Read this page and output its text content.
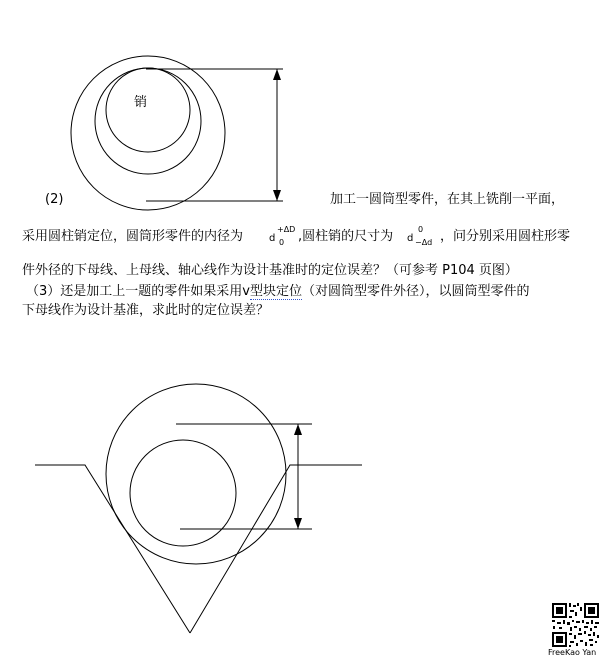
销
(2)	加工一圆筒型零件，在其上铣削一平面，
采用圆柱销定位，圆筒形零件的内径为	d
+ΔD
0 ,圆柱销的尺寸为 d
0
−Δd ，问分别采用圆柱形零
件外径的下母线、上母线、轴心线作为设计基准时的定位误差？（可参考 P104 页图）
（3）还是加工上一题的零件如果采用v型块定位（对圆筒型零件外径），以圆筒型零件的
下母线作为设计基准，求此时的定位误差？
FreeKao Yan
